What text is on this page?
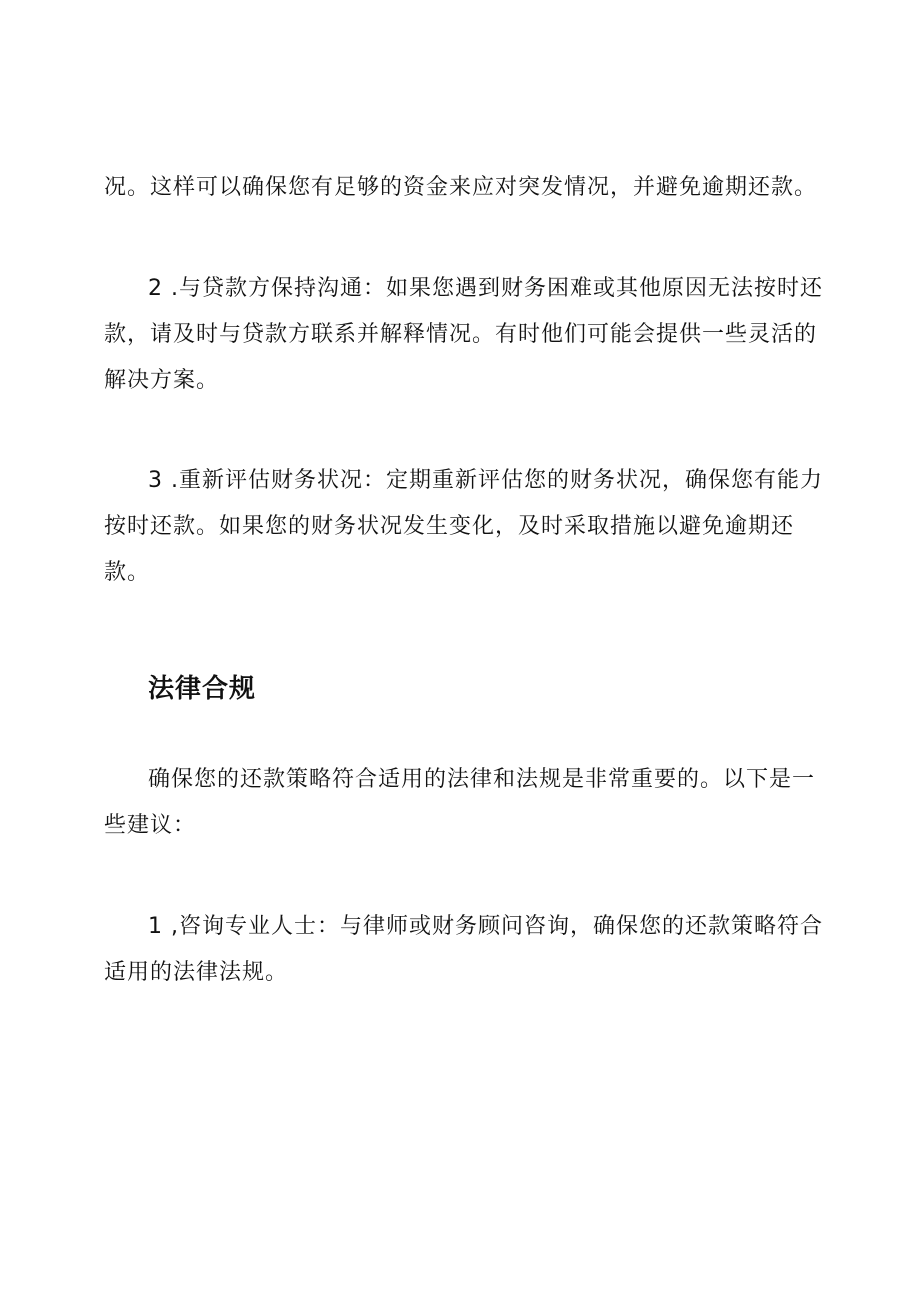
况。这样可以确保您有足够的资金来应对突发情况，并避免逾期还款。

2 .与贷款方保持沟通：如果您遇到财务困难或其他原因无法按时还款，请及时与贷款方联系并解释情况。有时他们可能会提供一些灵活的解决方案。

3 .重新评估财务状况：定期重新评估您的财务状况，确保您有能力按时还款。如果您的财务状况发生变化，及时采取措施以避免逾期还款。

法律合规

确保您的还款策略符合适用的法律和法规是非常重要的。以下是一些建议：

1 ,咨询专业人士：与律师或财务顾问咨询，确保您的还款策略符合适用的法律法规。
